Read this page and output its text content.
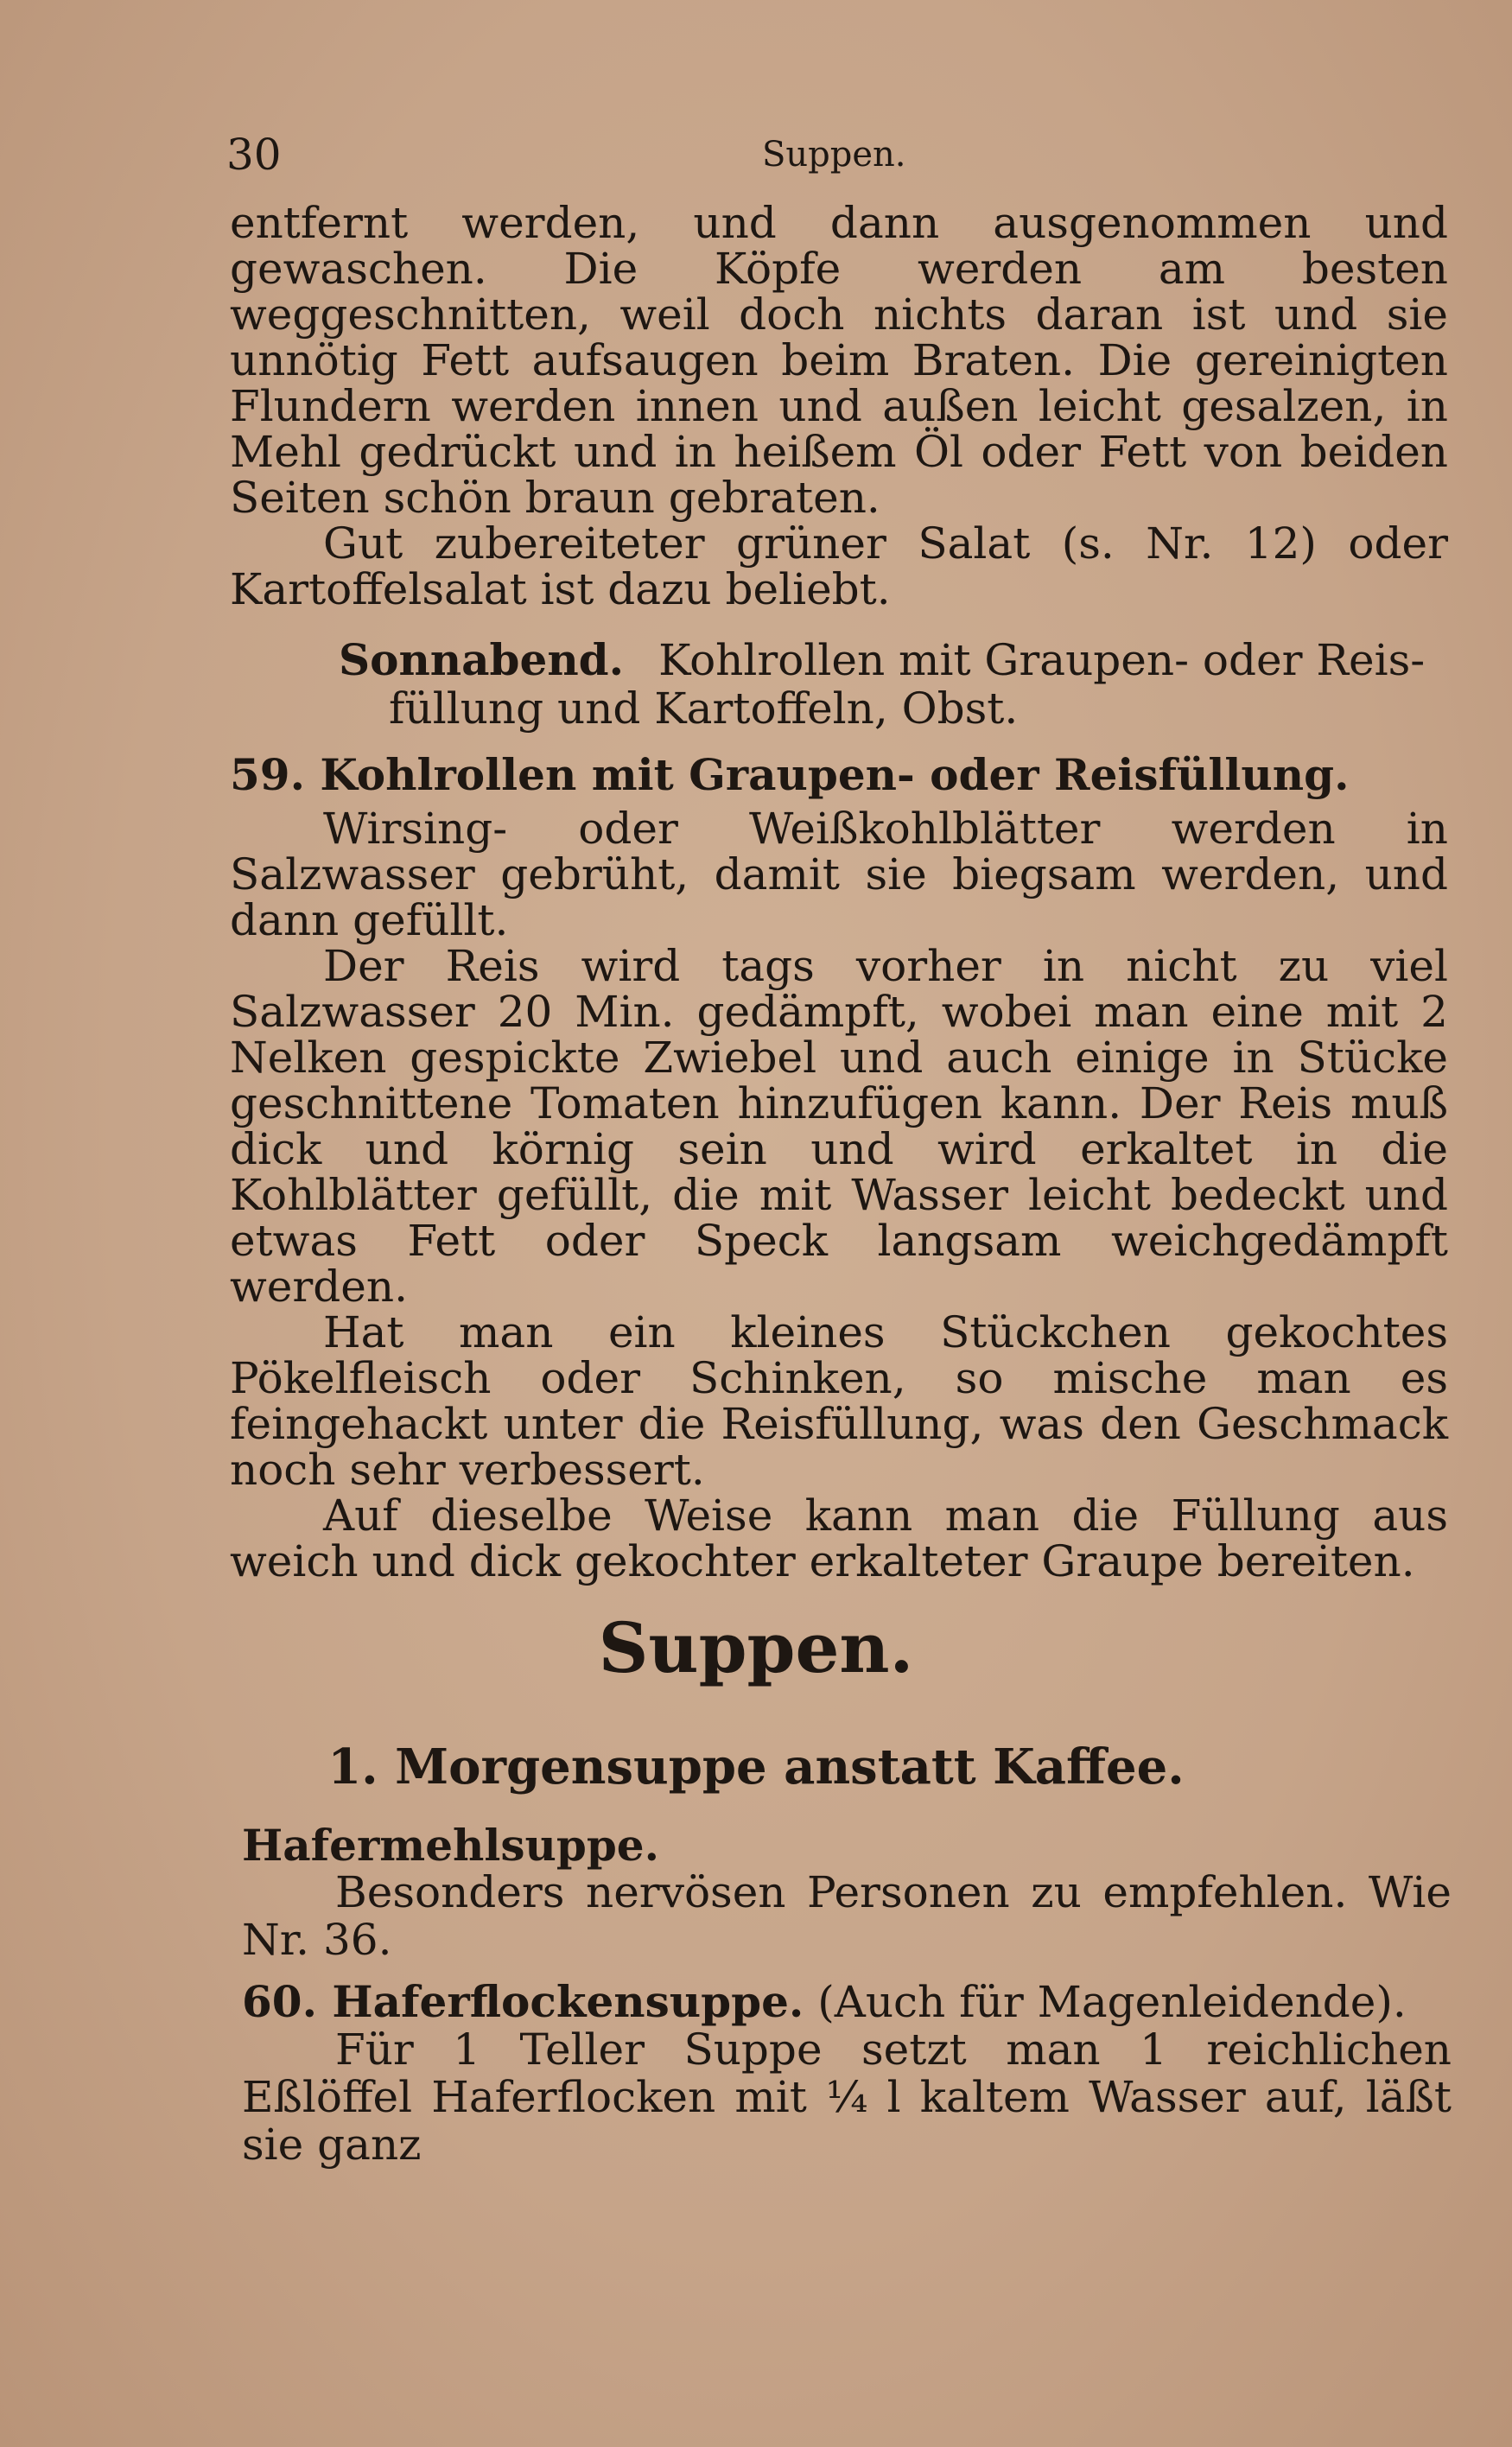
30	Suppen.

entfernt werden, und dann ausgenommen und gewaschen. Die Köpfe werden am besten weggeschnitten, weil doch nichts daran ist und sie unnötig Fett aufsaugen beim Braten. Die gereinigten Flundern werden innen und außen leicht gesalzen, in Mehl gedrückt und in heißem Öl oder Fett von beiden Seiten schön braun gebraten.

Gut zubereiteter grüner Salat (s. Nr. 12) oder Kartoffelsalat ist dazu beliebt.

Sonnabend. Kohlrollen mit Graupen- oder Reis-
füllung und Kartoffeln, Obst.
59. Kohlrollen mit Graupen- oder Reisfüllung.

Wirsing- oder Weißkohlblätter werden in Salzwasser gebrüht, damit sie biegsam werden, und dann gefüllt.

Der Reis wird tags vorher in nicht zu viel Salzwasser 20 Min. gedämpft, wobei man eine mit 2 Nelken gespickte Zwiebel und auch einige in Stücke geschnittene Tomaten hinzufügen kann. Der Reis muß dick und körnig sein und wird erkaltet in die Kohlblätter gefüllt, die mit Wasser leicht bedeckt und etwas Fett oder Speck langsam weichgedämpft werden.

Hat man ein kleines Stückchen gekochtes Pökelfleisch oder Schinken, so mische man es feingehackt unter die Reisfüllung, was den Geschmack noch sehr verbessert.

Auf dieselbe Weise kann man die Füllung aus weich und dick gekochter erkalteter Graupe bereiten.

Suppen.
1. Morgensuppe anstatt Kaffee.

Hafermehlsuppe.

Besonders nervösen Personen zu empfehlen. Wie Nr. 36.

60. Haferflockensuppe. (Auch für Magenleidende).

Für 1 Teller Suppe setzt man 1 reichlichen Eßlöffel Haferflocken mit ¼ l kaltem Wasser auf, läßt sie ganz
